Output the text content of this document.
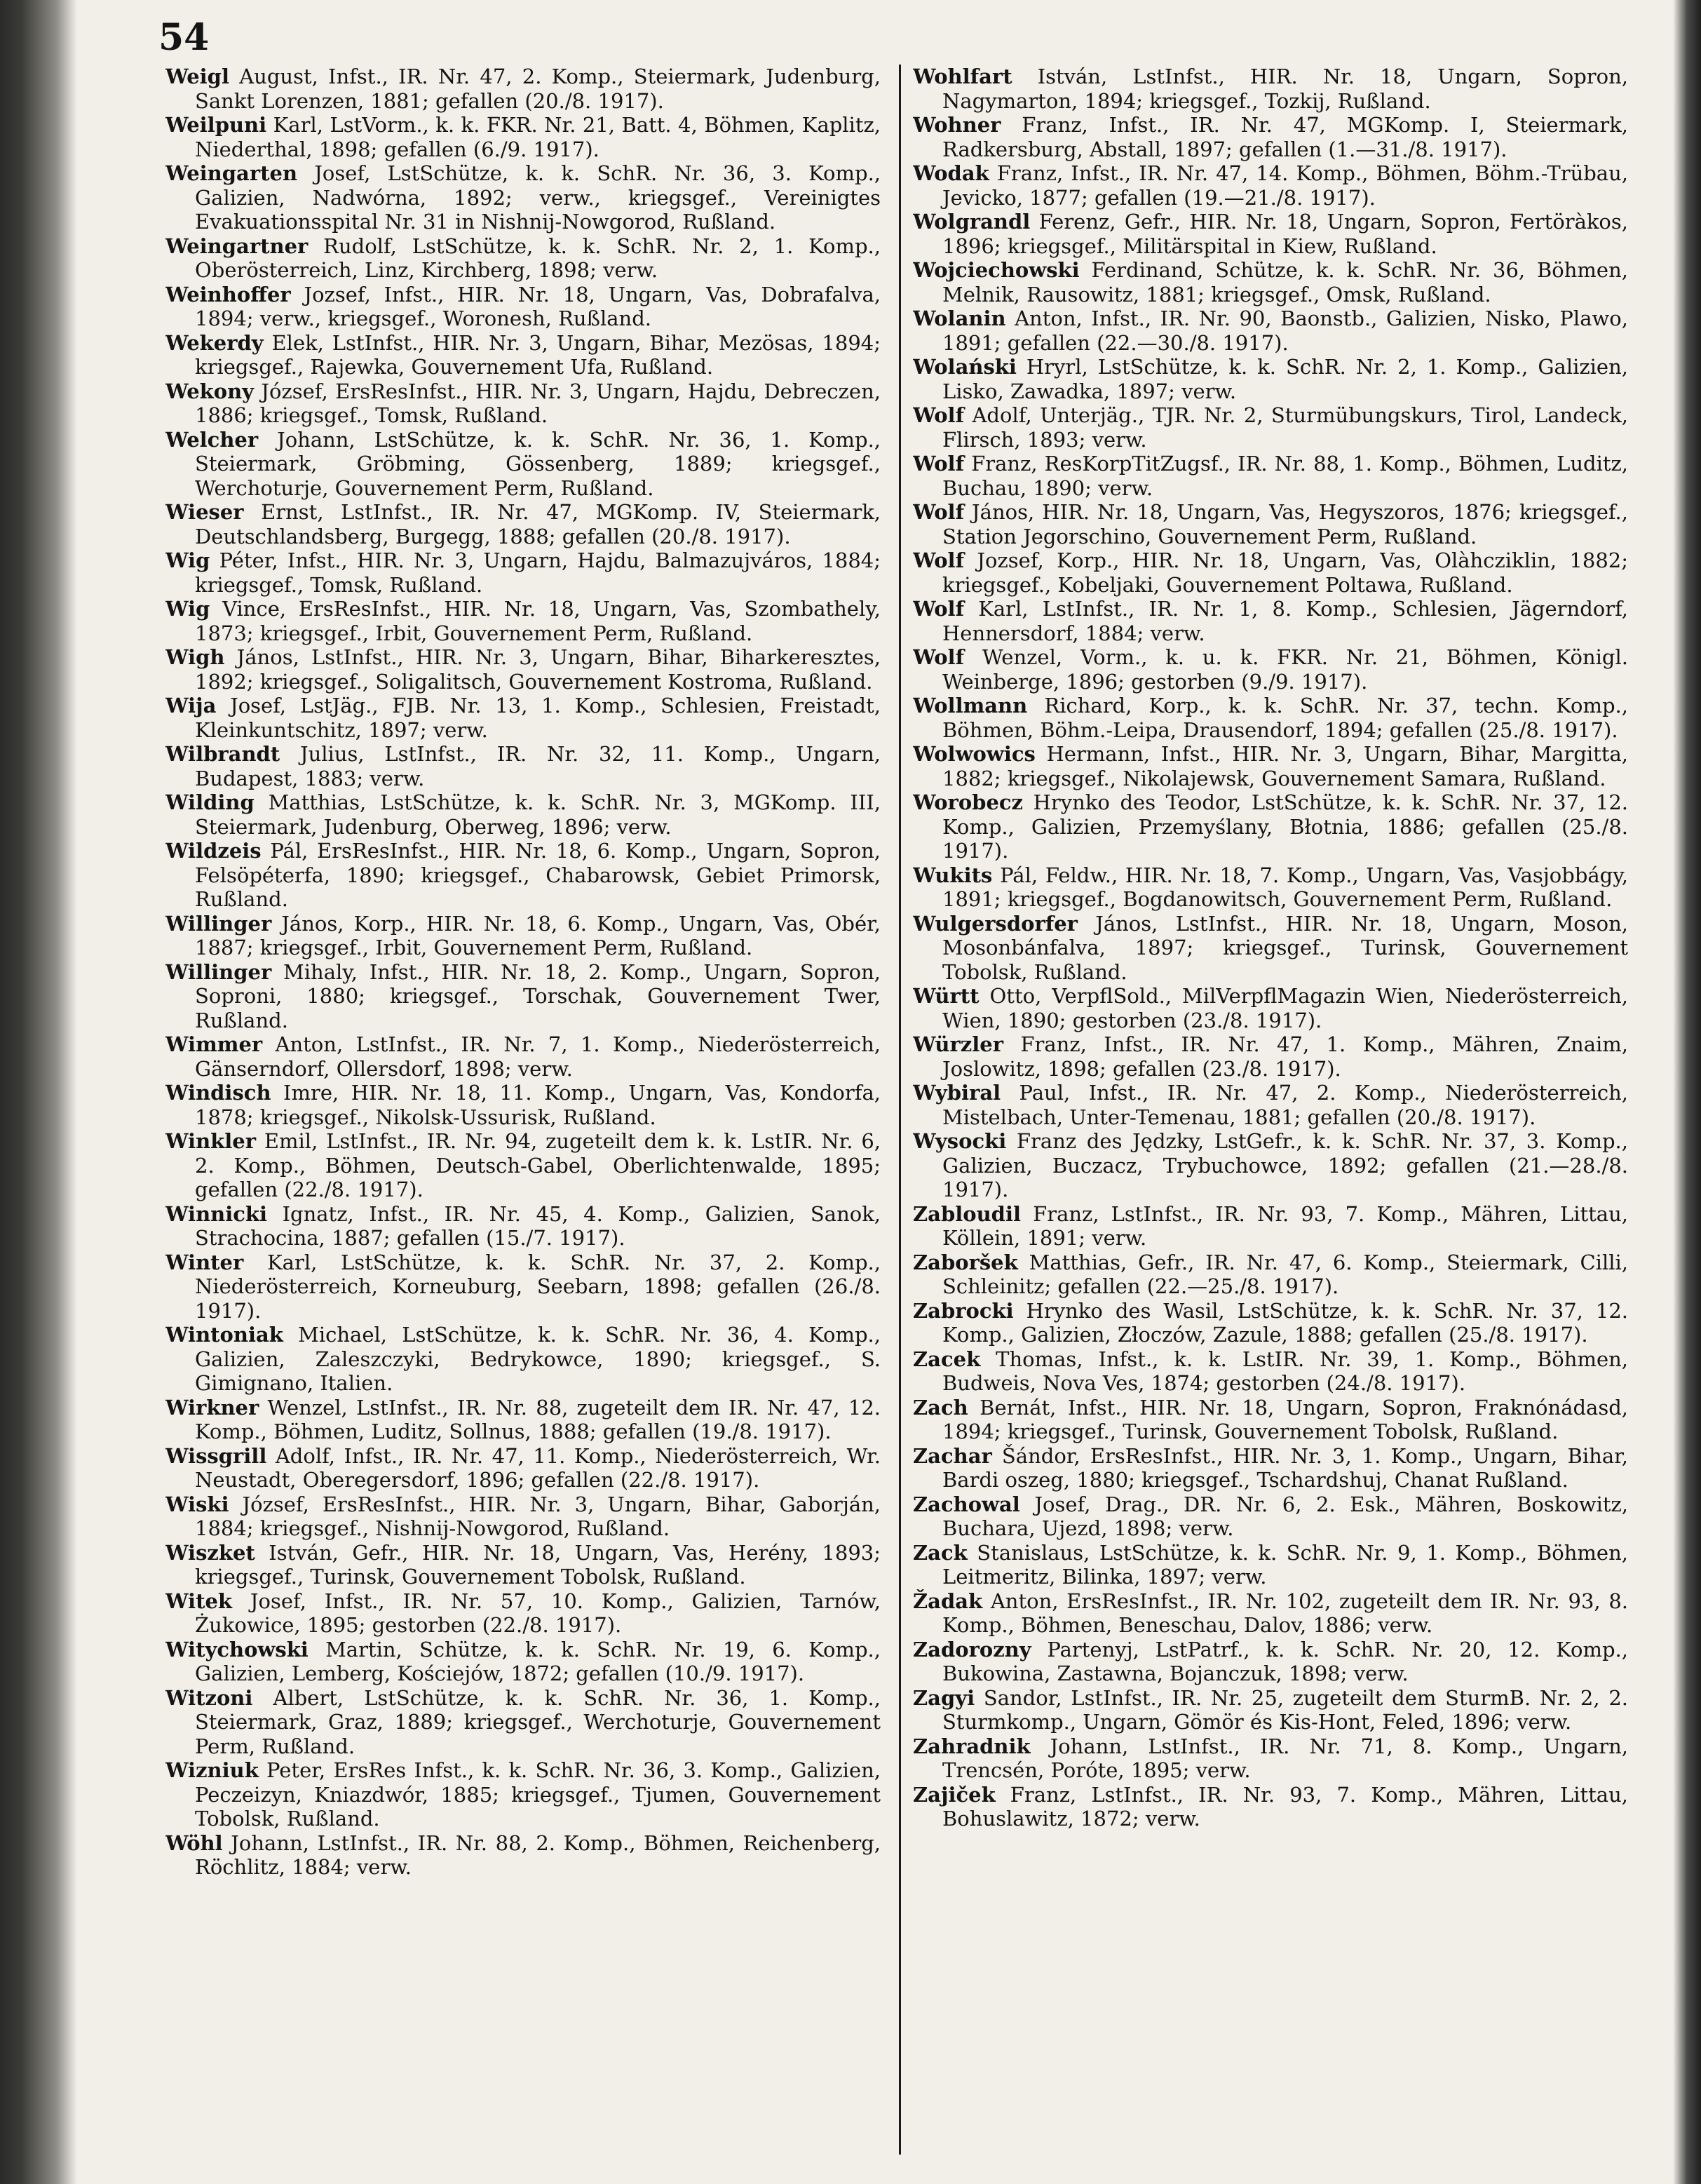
54

Weigl August, Infst., IR. Nr. 47, 2. Komp., Steiermark, Judenburg, Sankt Lorenzen, 1881; gefallen (20./8. 1917).

Weilpuni Karl, LstVorm., k. k. FKR. Nr. 21, Batt. 4, Böhmen, Kaplitz, Niederthal, 1898; gefallen (6./9. 1917).

Weingarten Josef, LstSchütze, k. k. SchR. Nr. 36, 3. Komp., Galizien, Nadwórna, 1892; verw., kriegsgef., Vereinigtes Evakuationsspital Nr. 31 in Nishnij-Nowgorod, Rußland.

Weingartner Rudolf, LstSchütze, k. k. SchR. Nr. 2, 1. Komp., Oberösterreich, Linz, Kirchberg, 1898; verw.

Weinhoffer Jozsef, Infst., HIR. Nr. 18, Ungarn, Vas, Dobrafalva, 1894; verw., kriegsgef., Woronesh, Rußland.

Wekerdy Elek, LstInfst., HIR. Nr. 3, Ungarn, Bihar, Mezösas, 1894; kriegsgef., Rajewka, Gouvernement Ufa, Rußland.

Wekony József, ErsResInfst., HIR. Nr. 3, Ungarn, Hajdu, Debreczen, 1886; kriegsgef., Tomsk, Rußland.

Welcher Johann, LstSchütze, k. k. SchR. Nr. 36, 1. Komp., Steiermark, Gröbming, Gössenberg, 1889; kriegsgef., Werchoturje, Gouvernement Perm, Rußland.

Wieser Ernst, LstInfst., IR. Nr. 47, MGKomp. IV, Steiermark, Deutschlandsberg, Burgegg, 1888; gefallen (20./8. 1917).

Wig Péter, Infst., HIR. Nr. 3, Ungarn, Hajdu, Balmazujváros, 1884; kriegsgef., Tomsk, Rußland.

Wig Vince, ErsResInfst., HIR. Nr. 18, Ungarn, Vas, Szombathely, 1873; kriegsgef., Irbit, Gouvernement Perm, Rußland.

Wigh János, LstInfst., HIR. Nr. 3, Ungarn, Bihar, Biharkeresztes, 1892; kriegsgef., Soligalitsch, Gouvernement Kostroma, Rußland.

Wija Josef, LstJäg., FJB. Nr. 13, 1. Komp., Schlesien, Freistadt, Kleinkuntschitz, 1897; verw.

Wilbrandt Julius, LstInfst., IR. Nr. 32, 11. Komp., Ungarn, Budapest, 1883; verw.

Wilding Matthias, LstSchütze, k. k. SchR. Nr. 3, MGKomp. III, Steiermark, Judenburg, Oberweg, 1896; verw.

Wildzeis Pál, ErsResInfst., HIR. Nr. 18, 6. Komp., Ungarn, Sopron, Felsöpéterfa, 1890; kriegsgef., Chabarowsk, Gebiet Primorsk, Rußland.

Willinger János, Korp., HIR. Nr. 18, 6. Komp., Ungarn, Vas, Obér, 1887; kriegsgef., Irbit, Gouvernement Perm, Rußland.

Willinger Mihaly, Infst., HIR. Nr. 18, 2. Komp., Ungarn, Sopron, Soproni, 1880; kriegsgef., Torschak, Gouvernement Twer, Rußland.

Wimmer Anton, LstInfst., IR. Nr. 7, 1. Komp., Niederösterreich, Gänserndorf, Ollersdorf, 1898; verw.

Windisch Imre, HIR. Nr. 18, 11. Komp., Ungarn, Vas, Kondorfa, 1878; kriegsgef., Nikolsk-Ussurisk, Rußland.

Winkler Emil, LstInfst., IR. Nr. 94, zugeteilt dem k. k. LstIR. Nr. 6, 2. Komp., Böhmen, Deutsch-Gabel, Oberlichtenwalde, 1895; gefallen (22./8. 1917).

Winnicki Ignatz, Infst., IR. Nr. 45, 4. Komp., Galizien, Sanok, Strachocina, 1887; gefallen (15./7. 1917).

Winter Karl, LstSchütze, k. k. SchR. Nr. 37, 2. Komp., Niederösterreich, Korneuburg, Seebarn, 1898; gefallen (26./8. 1917).

Wintoniak Michael, LstSchütze, k. k. SchR. Nr. 36, 4. Komp., Galizien, Zaleszczyki, Bedrykowce, 1890; kriegsgef., S. Gimignano, Italien.

Wirkner Wenzel, LstInfst., IR. Nr. 88, zugeteilt dem IR. Nr. 47, 12. Komp., Böhmen, Luditz, Sollnus, 1888; gefallen (19./8. 1917).

Wissgrill Adolf, Infst., IR. Nr. 47, 11. Komp., Niederösterreich, Wr. Neustadt, Oberegersdorf, 1896; gefallen (22./8. 1917).

Wiski József, ErsResInfst., HIR. Nr. 3, Ungarn, Bihar, Gaborján, 1884; kriegsgef., Nishnij-Nowgorod, Rußland.

Wiszket István, Gefr., HIR. Nr. 18, Ungarn, Vas, Herény, 1893; kriegsgef., Turinsk, Gouvernement Tobolsk, Rußland.

Witek Josef, Infst., IR. Nr. 57, 10. Komp., Galizien, Tarnów, Żukowice, 1895; gestorben (22./8. 1917).

Witychowski Martin, Schütze, k. k. SchR. Nr. 19, 6. Komp., Galizien, Lemberg, Kościejów, 1872; gefallen (10./9. 1917).

Witzoni Albert, LstSchütze, k. k. SchR. Nr. 36, 1. Komp., Steiermark, Graz, 1889; kriegsgef., Werchoturje, Gouvernement Perm, Rußland.

Wizniuk Peter, ErsRes Infst., k. k. SchR. Nr. 36, 3. Komp., Galizien, Peczeizyn, Kniazdwór, 1885; kriegsgef., Tjumen, Gouvernement Tobolsk, Rußland.

Wöhl Johann, LstInfst., IR. Nr. 88, 2. Komp., Böhmen, Reichenberg, Röchlitz, 1884; verw.

Wohlfart István, LstInfst., HIR. Nr. 18, Ungarn, Sopron, Nagymarton, 1894; kriegsgef., Tozkij, Rußland.

Wohner Franz, Infst., IR. Nr. 47, MGKomp. I, Steiermark, Radkersburg, Abstall, 1897; gefallen (1.—31./8. 1917).

Wodak Franz, Infst., IR. Nr. 47, 14. Komp., Böhmen, Böhm.-Trübau, Jevicko, 1877; gefallen (19.—21./8. 1917).

Wolgrandl Ferenz, Gefr., HIR. Nr. 18, Ungarn, Sopron, Fertöràkos, 1896; kriegsgef., Militärspital in Kiew, Rußland.

Wojciechowski Ferdinand, Schütze, k. k. SchR. Nr. 36, Böhmen, Melnik, Rausowitz, 1881; kriegsgef., Omsk, Rußland.

Wolanin Anton, Infst., IR. Nr. 90, Baonstb., Galizien, Nisko, Plawo, 1891; gefallen (22.—30./8. 1917).

Wolański Hryrl, LstSchütze, k. k. SchR. Nr. 2, 1. Komp., Galizien, Lisko, Zawadka, 1897; verw.

Wolf Adolf, Unterjäg., TJR. Nr. 2, Sturmübungskurs, Tirol, Landeck, Flirsch, 1893; verw.

Wolf Franz, ResKorpTitZugsf., IR. Nr. 88, 1. Komp., Böhmen, Luditz, Buchau, 1890; verw.

Wolf János, HIR. Nr. 18, Ungarn, Vas, Hegyszoros, 1876; kriegsgef., Station Jegorschino, Gouvernement Perm, Rußland.

Wolf Jozsef, Korp., HIR. Nr. 18, Ungarn, Vas, Olàhcziklin, 1882; kriegsgef., Kobeljaki, Gouvernement Poltawa, Rußland.

Wolf Karl, LstInfst., IR. Nr. 1, 8. Komp., Schlesien, Jägerndorf, Hennersdorf, 1884; verw.

Wolf Wenzel, Vorm., k. u. k. FKR. Nr. 21, Böhmen, Königl. Weinberge, 1896; gestorben (9./9. 1917).

Wollmann Richard, Korp., k. k. SchR. Nr. 37, techn. Komp., Böhmen, Böhm.-Leipa, Drausendorf, 1894; gefallen (25./8. 1917).

Wolwowics Hermann, Infst., HIR. Nr. 3, Ungarn, Bihar, Margitta, 1882; kriegsgef., Nikolajewsk, Gouvernement Samara, Rußland.

Worobecz Hrynko des Teodor, LstSchütze, k. k. SchR. Nr. 37, 12. Komp., Galizien, Przemyślany, Błotnia, 1886; gefallen (25./8. 1917).

Wukits Pál, Feldw., HIR. Nr. 18, 7. Komp., Ungarn, Vas, Vasjobbágy, 1891; kriegsgef., Bogdanowitsch, Gouvernement Perm, Rußland.

Wulgersdorfer János, LstInfst., HIR. Nr. 18, Ungarn, Moson, Mosonbánfalva, 1897; kriegsgef., Turinsk, Gouvernement Tobolsk, Rußland.

Württ Otto, VerpflSold., MilVerpflMagazin Wien, Niederösterreich, Wien, 1890; gestorben (23./8. 1917).

Würzler Franz, Infst., IR. Nr. 47, 1. Komp., Mähren, Znaim, Joslowitz, 1898; gefallen (23./8. 1917).

Wybiral Paul, Infst., IR. Nr. 47, 2. Komp., Niederösterreich, Mistelbach, Unter-Temenau, 1881; gefallen (20./8. 1917).

Wysocki Franz des Jędzky, LstGefr., k. k. SchR. Nr. 37, 3. Komp., Galizien, Buczacz, Trybuchowce, 1892; gefallen (21.—28./8. 1917).

Zabloudil Franz, LstInfst., IR. Nr. 93, 7. Komp., Mähren, Littau, Köllein, 1891; verw.

Zaboršek Matthias, Gefr., IR. Nr. 47, 6. Komp., Steiermark, Cilli, Schleinitz; gefallen (22.—25./8. 1917).

Zabrocki Hrynko des Wasil, LstSchütze, k. k. SchR. Nr. 37, 12. Komp., Galizien, Złoczów, Zazule, 1888; gefallen (25./8. 1917).

Zacek Thomas, Infst., k. k. LstIR. Nr. 39, 1. Komp., Böhmen, Budweis, Nova Ves, 1874; gestorben (24./8. 1917).

Zach Bernát, Infst., HIR. Nr. 18, Ungarn, Sopron, Fraknónádasd, 1894; kriegsgef., Turinsk, Gouvernement Tobolsk, Rußland.

Zachar Šándor, ErsResInfst., HIR. Nr. 3, 1. Komp., Ungarn, Bihar, Bardi oszeg, 1880; kriegsgef., Tschardshuj, Chanat Rußland.

Zachowal Josef, Drag., DR. Nr. 6, 2. Esk., Mähren, Boskowitz, Buchara, Ujezd, 1898; verw.

Zack Stanislaus, LstSchütze, k. k. SchR. Nr. 9, 1. Komp., Böhmen, Leitmeritz, Bilinka, 1897; verw.

Žadak Anton, ErsResInfst., IR. Nr. 102, zugeteilt dem IR. Nr. 93, 8. Komp., Böhmen, Beneschau, Dalov, 1886; verw.

Zadorozny Partenyj, LstPatrf., k. k. SchR. Nr. 20, 12. Komp., Bukowina, Zastawna, Bojanczuk, 1898; verw.

Zagyi Sandor, LstInfst., IR. Nr. 25, zugeteilt dem SturmB. Nr. 2, 2. Sturmkomp., Ungarn, Gömör és Kis-Hont, Feled, 1896; verw.

Zahradnik Johann, LstInfst., IR. Nr. 71, 8. Komp., Ungarn, Trencsén, Poróte, 1895; verw.

Zajiček Franz, LstInfst., IR. Nr. 93, 7. Komp., Mähren, Littau, Bohuslawitz, 1872; verw.
